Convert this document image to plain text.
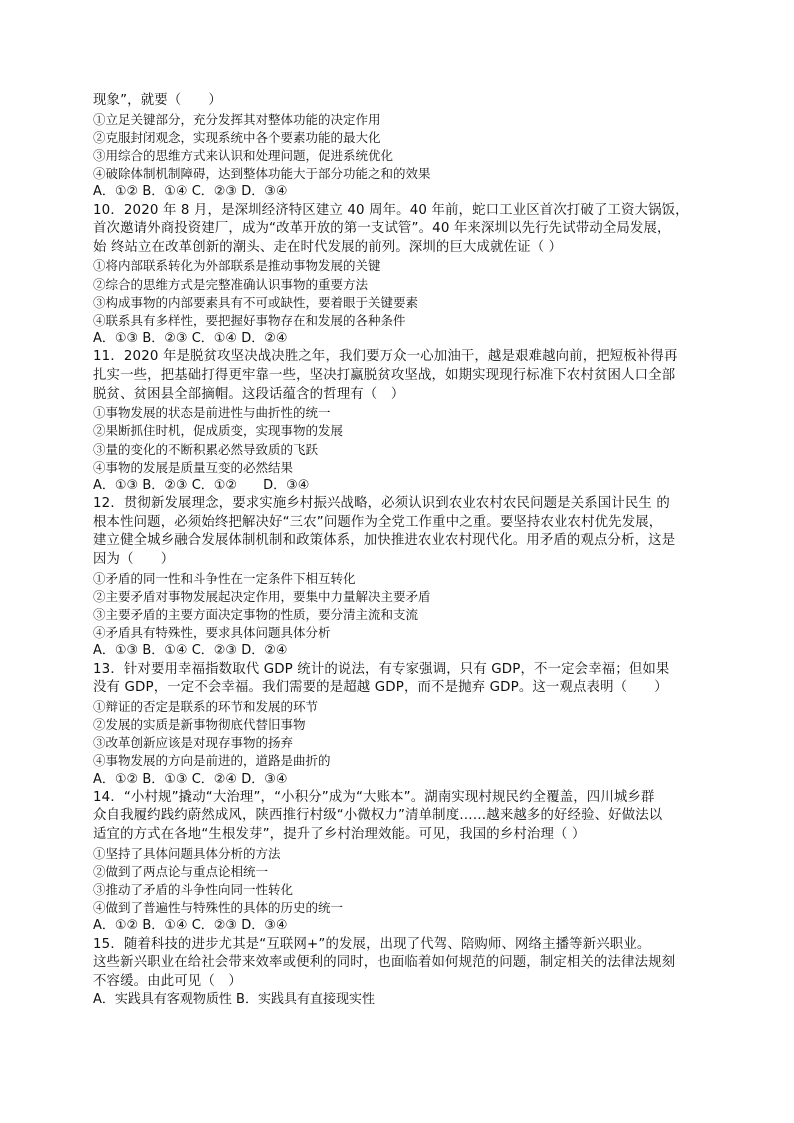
现象”，就要（　　）
①立足关键部分，充分发挥其对整体功能的决定作用
②克服封闭观念，实现系统中各个要素功能的最大化
③用综合的思维方式来认识和处理问题，促进系统优化
④破除体制机制障碍，达到整体功能大于部分功能之和的效果
A．①② B．①④ C．②③ D．③④
10．2020 年 8 月，是深圳经济特区建立 40 周年。40 年前，蛇口工业区首次打破了工资大锅饭，
首次邀请外商投资建厂，成为“改革开放的第一支试管”。40 年来深圳以先行先试带动全局发展，
始 终站立在改革创新的潮头、走在时代发展的前列。深圳的巨大成就佐证（ ）
①将内部联系转化为外部联系是推动事物发展的关键
②综合的思维方式是完整准确认识事物的重要方法
③构成事物的内部要素具有不可或缺性，要着眼于关键要素
④联系具有多样性，要把握好事物存在和发展的各种条件
A．①③ B．②③ C．①④ D．②④
11．2020 年是脱贫攻坚决战决胜之年，我们要万众一心加油干，越是艰难越向前，把短板补得再
扎实一些，把基础打得更牢靠一些，坚决打赢脱贫攻坚战，如期实现现行标准下农村贫困人口全部
脱贫、贫困县全部摘帽。这段话蕴含的哲理有（　）
①事物发展的状态是前进性与曲折性的统一
②果断抓住时机，促成质变，实现事物的发展
③量的变化的不断积累必然导致质的飞跃
④事物的发展是质量互变的必然结果
A．①③ B．②③ C．①②　　D．③④
12．贯彻新发展理念，要求实施乡村振兴战略，必须认识到农业农村农民问题是关系国计民生 的
根本性问题，必须始终把解决好“三农”问题作为全党工作重中之重。要坚持农业农村优先发展，
建立健全城乡融合发展体制机制和政策体系，加快推进农业农村现代化。用矛盾的观点分析，这是
因为（　　）
①矛盾的同一性和斗争性在一定条件下相互转化
②主要矛盾对事物发展起决定作用，要集中力量解决主要矛盾
③主要矛盾的主要方面决定事物的性质，要分清主流和支流
④矛盾具有特殊性，要求具体问题具体分析
A．①③ B．①④ C．②③ D．②④
13．针对要用幸福指数取代 GDP 统计的说法，有专家强调，只有 GDP，不一定会幸福；但如果
没有 GDP，一定不会幸福。我们需要的是超越 GDP，而不是抛弃 GDP。这一观点表明（　　）
①辩证的否定是联系的环节和发展的环节
②发展的实质是新事物彻底代替旧事物
③改革创新应该是对现存事物的扬弃
④事物发展的方向是前进的，道路是曲折的
A．①② B．①③ C．②④ D．③④
14．“小村规”撬动“大治理”，“小积分”成为“大账本”。湖南实现村规民约全覆盖，四川城乡群
众自我履约践约蔚然成风，陕西推行村级“小微权力”清单制度……越来越多的好经验、好做法以
适宜的方式在各地“生根发芽”，提升了乡村治理效能。可见，我国的乡村治理（ ）
①坚持了具体问题具体分析的方法
②做到了两点论与重点论相统一
③推动了矛盾的斗争性向同一性转化
④做到了普遍性与特殊性的具体的历史的统一
A．①② B．①④ C．②③ D．③④
15．随着科技的进步尤其是“互联网+”的发展，出现了代驾、陪购师、网络主播等新兴职业。
这些新兴职业在给社会带来效率或便利的同时，也面临着如何规范的问题，制定相关的法律法规刻
不容缓。由此可见（　）
A．实践具有客观物质性 B．实践具有直接现实性
